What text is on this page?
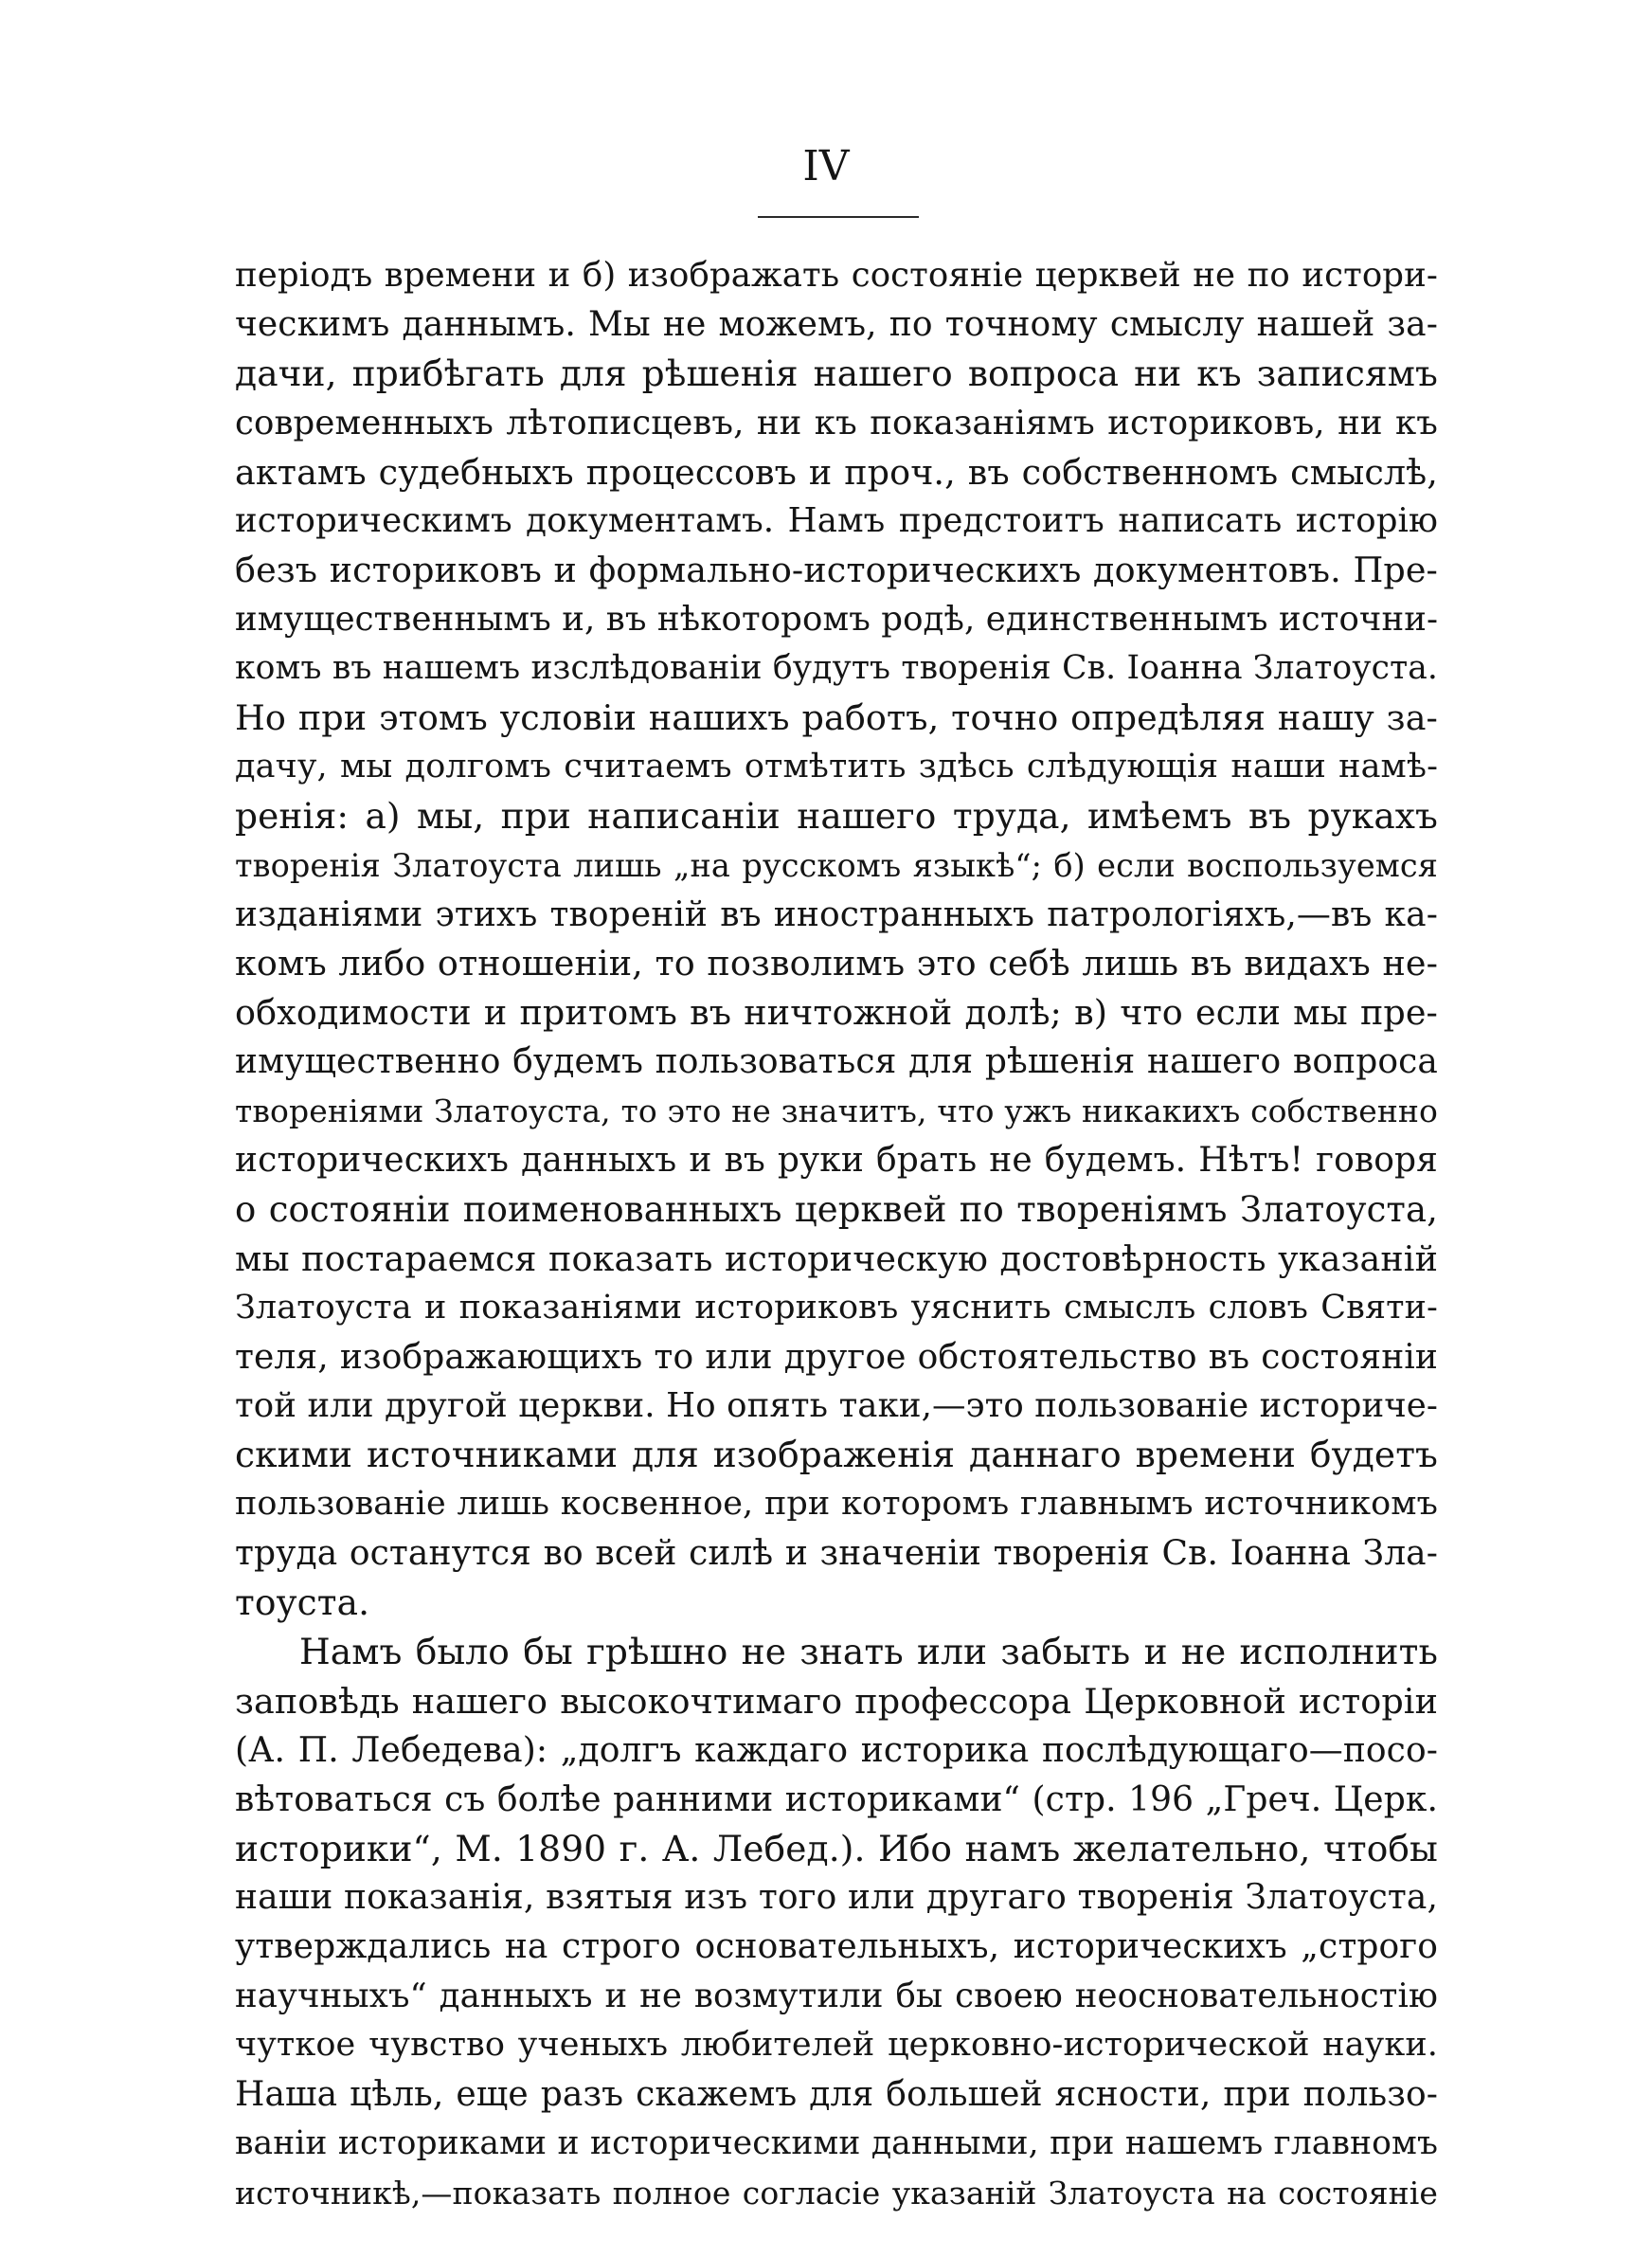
IV
періодъ времени и б) изображать состояніе церквей не по истори-
ческимъ даннымъ. Мы не можемъ, по точному смыслу нашей за-
дачи, прибѣгать для рѣшенія нашего вопроса ни къ записямъ
современныхъ лѣтописцевъ, ни къ показаніямъ историковъ, ни къ
актамъ судебныхъ процессовъ и проч., въ собственномъ смыслѣ,
историческимъ документамъ. Намъ предстоитъ написать исторію
безъ историковъ и формально-историческихъ документовъ. Пре-
имущественнымъ и, въ нѣкоторомъ родѣ, единственнымъ источни-
комъ въ нашемъ изслѣдованіи будутъ творенія Св. Іоанна Златоуста.
Но при этомъ условіи нашихъ работъ, точно опредѣляя нашу за-
дачу, мы долгомъ считаемъ отмѣтить здѣсь слѣдующія наши намѣ-
ренія: а) мы, при написаніи нашего труда, имѣемъ въ рукахъ
творенія Златоуста лишь „на русскомъ языкѣ“; б) если воспользуемся
изданіями этихъ твореній въ иностранныхъ патрологіяхъ,—въ ка-
комъ либо отношеніи, то позволимъ это себѣ лишь въ видахъ не-
обходимости и притомъ въ ничтожной долѣ; в) что если мы пре-
имущественно будемъ пользоваться для рѣшенія нашего вопроса
твореніями Златоуста, то это не значитъ, что ужъ никакихъ собственно
историческихъ данныхъ и въ руки брать не будемъ. Нѣтъ! говоря
о состояніи поименованныхъ церквей по твореніямъ Златоуста,
мы постараемся показать историческую достовѣрность указаній
Златоуста и показаніями историковъ уяснить смыслъ словъ Святи-
теля, изображающихъ то или другое обстоятельство въ состояніи
той или другой церкви. Но опять таки,—это пользованіе историче-
скими источниками для изображенія даннаго времени будетъ
пользованіе лишь косвенное, при которомъ главнымъ источникомъ
труда останутся во всей силѣ и значеніи творенія Св. Іоанна Зла-
тоуста.
Намъ было бы грѣшно не знать или забыть и не исполнить
заповѣдь нашего высокочтимаго профессора Церковной исторіи
(А. П. Лебедева): „долгъ каждаго историка послѣдующаго—посо-
вѣтоваться съ болѣе ранними историками“ (стр. 196 „Греч. Церк.
историки“, М. 1890 г. А. Лебед.). Ибо намъ желательно, чтобы
наши показанія, взятыя изъ того или другаго творенія Златоуста,
утверждались на строго основательныхъ, историческихъ „строго
научныхъ“ данныхъ и не возмутили бы своею неосновательностію
чуткое чувство ученыхъ любителей церковно-исторической науки.
Наша цѣль, еще разъ скажемъ для большей ясности, при пользо-
ваніи историками и историческими данными, при нашемъ главномъ
источникѣ,—показать полное согласіе указаній Златоуста на состоянiе
